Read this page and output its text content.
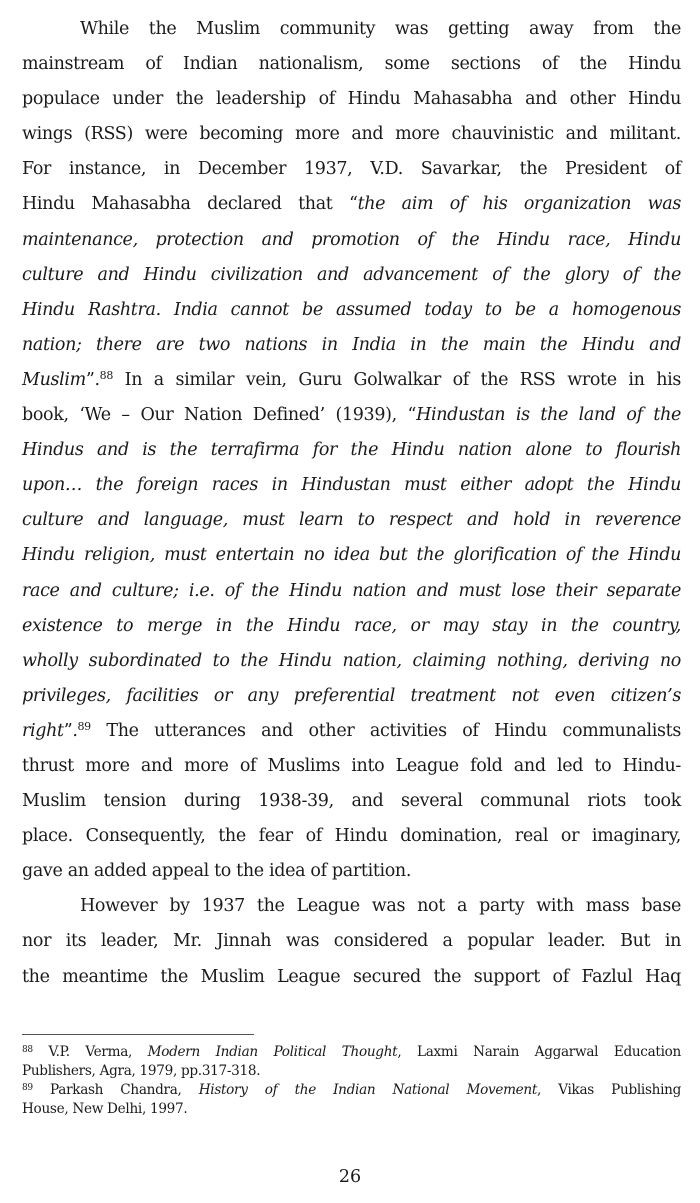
While the Muslim community was getting away from the
mainstream of Indian nationalism, some sections of the Hindu
populace under the leadership of Hindu Mahasabha and other Hindu
wings (RSS) were becoming more and more chauvinistic and militant.
For instance, in December 1937, V.D. Savarkar, the President of
Hindu Mahasabha declared that “the aim of his organization was
maintenance, protection and promotion of the Hindu race, Hindu
culture and Hindu civilization and advancement of the glory of the
Hindu Rashtra. India cannot be assumed today to be a homogenous
nation; there are two nations in India in the main the Hindu and
Muslim”.$^{88}$ In a similar vein, Guru Golwalkar of the RSS wrote in his
book, ‘We – Our Nation Defined’ (1939), “Hindustan is the land of the
Hindus and is the terrafirma for the Hindu nation alone to flourish
upon… the foreign races in Hindustan must either adopt the Hindu
culture and language, must learn to respect and hold in reverence
Hindu religion, must entertain no idea but the glorification of the Hindu
race and culture; i.e. of the Hindu nation and must lose their separate
existence to merge in the Hindu race, or may stay in the country,
wholly subordinated to the Hindu nation, claiming nothing, deriving no
privileges, facilities or any preferential treatment not even citizen’s
right”.$^{89}$ The utterances and other activities of Hindu communalists
thrust more and more of Muslims into League fold and led to Hindu-
Muslim tension during 1938-39, and several communal riots took
place. Consequently, the fear of Hindu domination, real or imaginary,
gave an added appeal to the idea of partition.
However by 1937 the League was not a party with mass base
nor its leader, Mr. Jinnah was considered a popular leader. But in
the meantime the Muslim League secured the support of Fazlul Haq
$^{88}$ V.P. Verma, Modern Indian Political Thought, Laxmi Narain Aggarwal Education
Publishers, Agra, 1979, pp.317-318.
$^{89}$ Parkash Chandra, History of the Indian National Movement, Vikas Publishing
House, New Delhi, 1997.
26
